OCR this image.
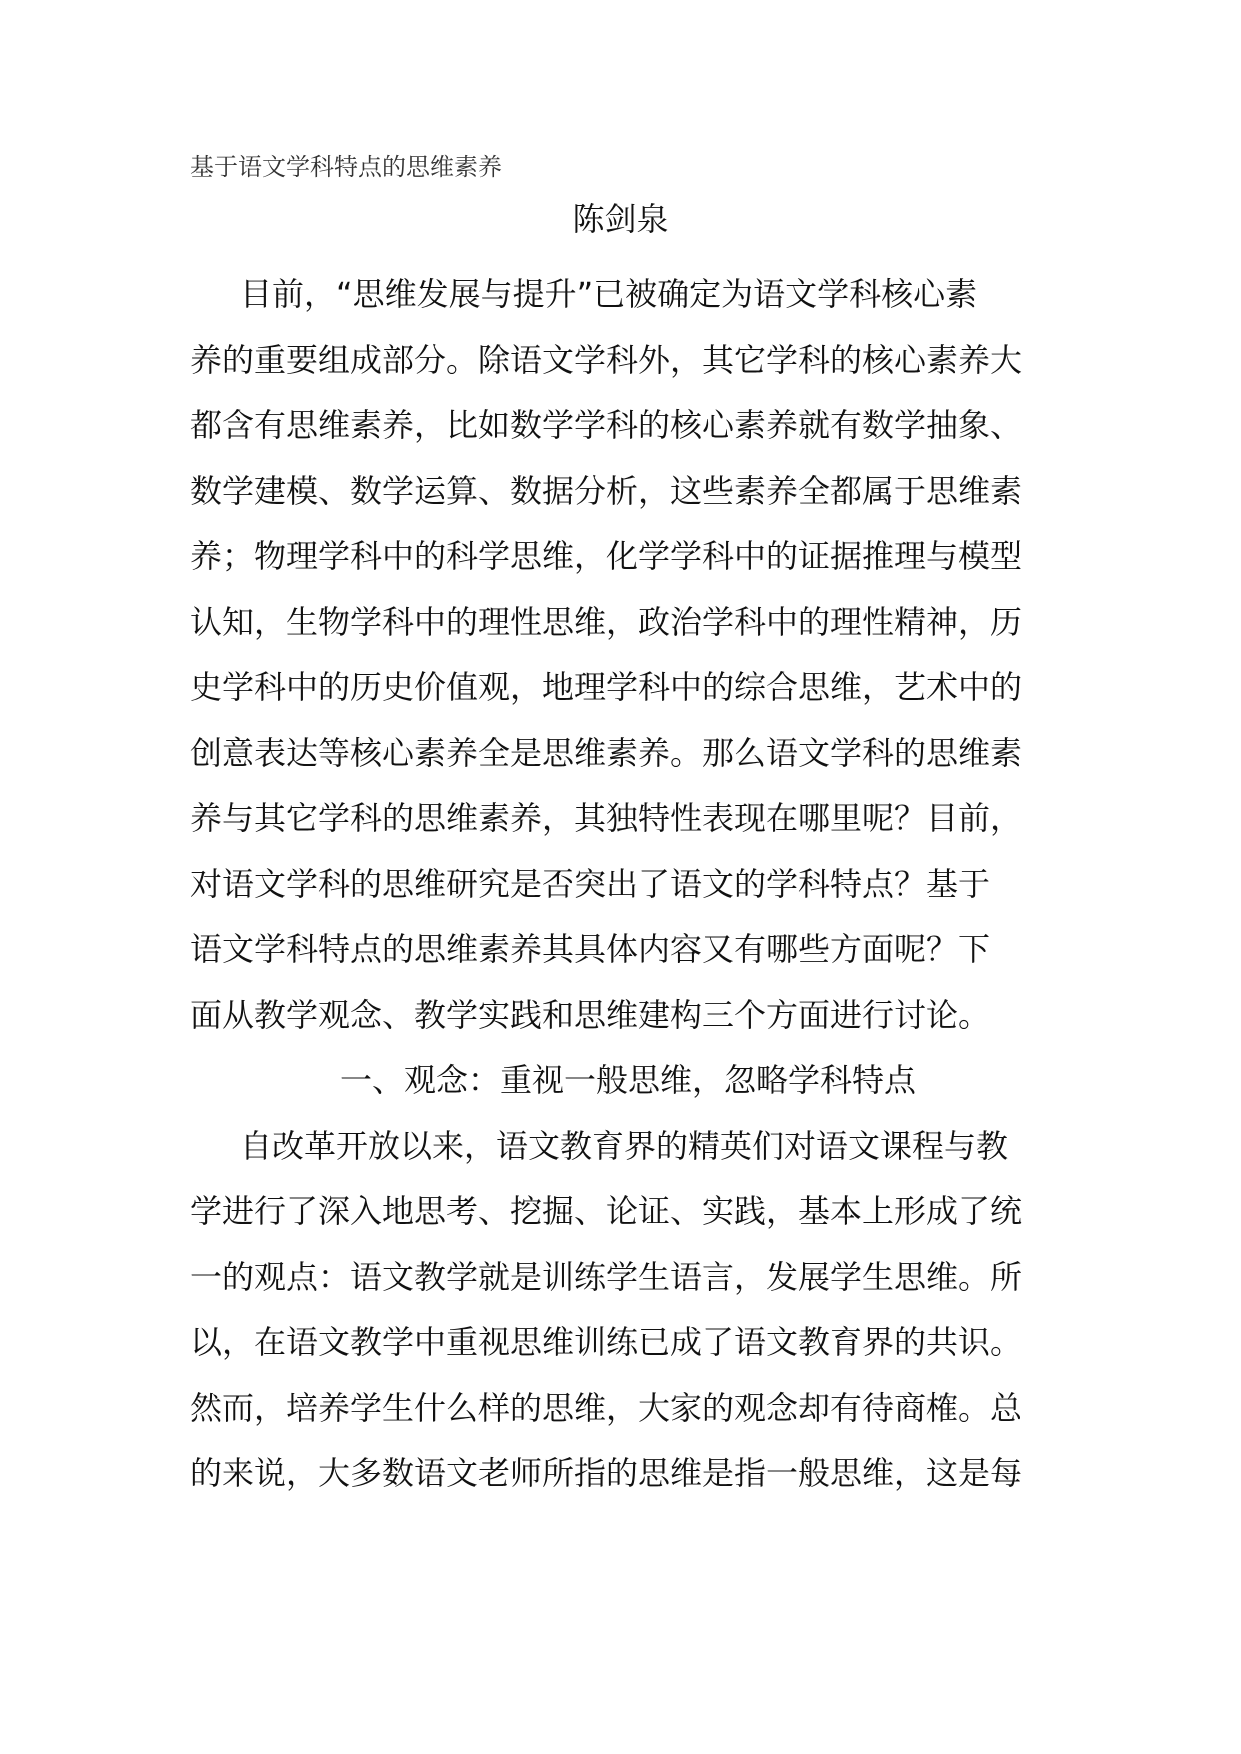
基于语文学科特点的思维素养
陈剑泉
目前，“思维发展与提升”已被确定为语文学科核心素
养的重要组成部分。除语文学科外，其它学科的核心素养大
都含有思维素养，比如数学学科的核心素养就有数学抽象、
数学建模、数学运算、数据分析，这些素养全都属于思维素
养；物理学科中的科学思维，化学学科中的证据推理与模型
认知，生物学科中的理性思维，政治学科中的理性精神，历
史学科中的历史价值观，地理学科中的综合思维，艺术中的
创意表达等核心素养全是思维素养。那么语文学科的思维素
养与其它学科的思维素养，其独特性表现在哪里呢？目前，
对语文学科的思维研究是否突出了语文的学科特点？基于
语文学科特点的思维素养其具体内容又有哪些方面呢？下
面从教学观念、教学实践和思维建构三个方面进行讨论。
一、观念：重视一般思维，忽略学科特点
自改革开放以来，语文教育界的精英们对语文课程与教
学进行了深入地思考、挖掘、论证、实践，基本上形成了统
一的观点：语文教学就是训练学生语言，发展学生思维。所
以，在语文教学中重视思维训练已成了语文教育界的共识。
然而，培养学生什么样的思维，大家的观念却有待商榷。总
的来说，大多数语文老师所指的思维是指一般思维，这是每
